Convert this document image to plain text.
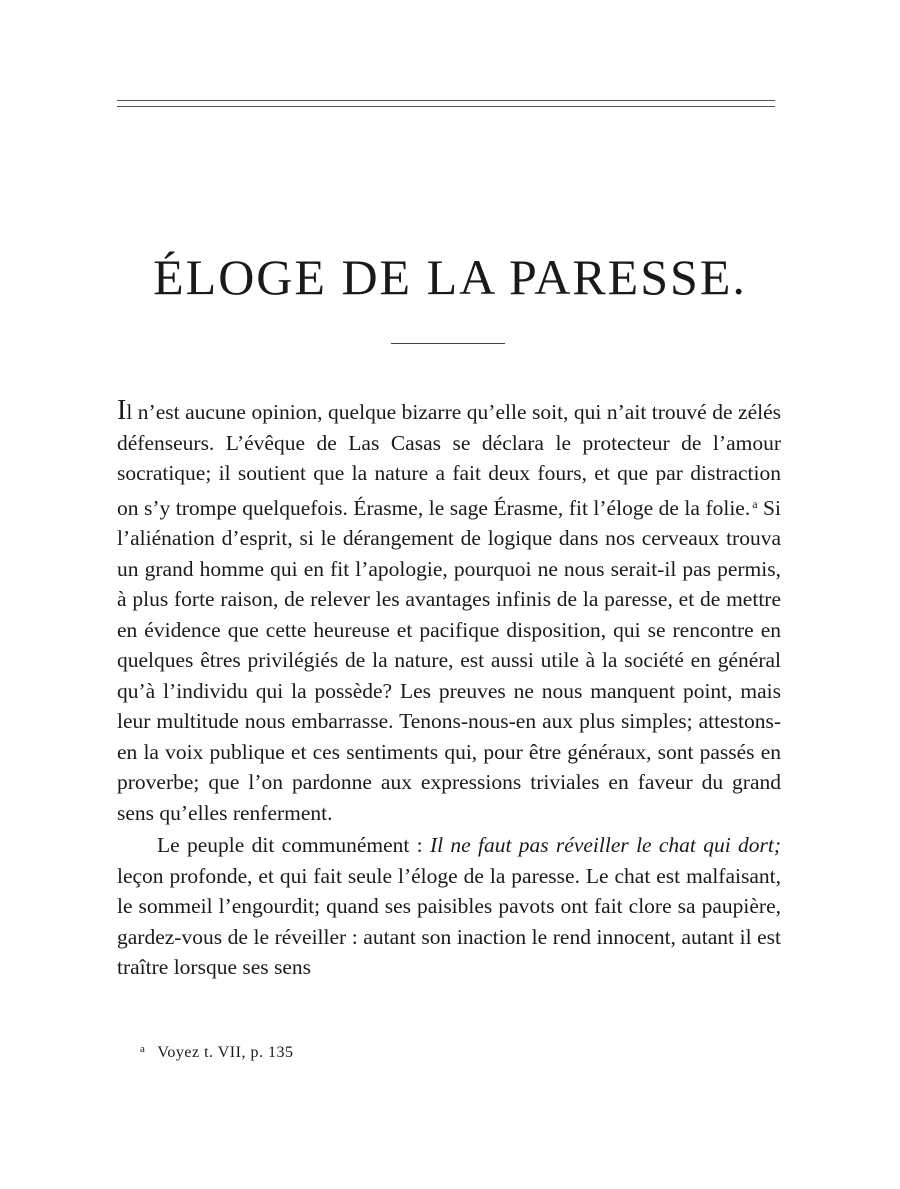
ÉLOGE DE LA PARESSE.

Il n’est aucune opinion, quelque bizarre qu’elle soit, qui n’ait trouvé de zélés défenseurs. L’évêque de Las Casas se déclara le protecteur de l’amour socratique; il soutient que la nature a fait deux fours, et que par distraction on s’y trompe quelquefois. Érasme, le sage Érasme, fit l’éloge de la folie. $^a$ Si l’aliénation d’esprit, si le dérangement de logique dans nos cerveaux trouva un grand homme qui en fit l’apologie, pourquoi ne nous serait-il pas permis, à plus forte raison, de relever les avantages infinis de la paresse, et de mettre en évidence que cette heureuse et pacifique disposition, qui se rencontre en quelques êtres privilégiés de la nature, est aussi utile à la société en général qu’à l’individu qui la possède? Les preuves ne nous manquent point, mais leur multitude nous embarrasse. Tenons-nous-en aux plus simples; attestons-en la voix publique et ces sentiments qui, pour être généraux, sont passés en proverbe; que l’on pardonne aux expressions triviales en faveur du grand sens qu’elles renferment.

Le peuple dit communément : Il ne faut pas réveiller le chat qui dort; leçon profonde, et qui fait seule l’éloge de la paresse. Le chat est malfaisant, le sommeil l’engourdit; quand ses paisibles pavots ont fait clore sa paupière, gardez-vous de le réveiller : autant son inaction le rend innocent, autant il est traître lorsque ses sens

$^a$ Voyez t. VII, p. 135
